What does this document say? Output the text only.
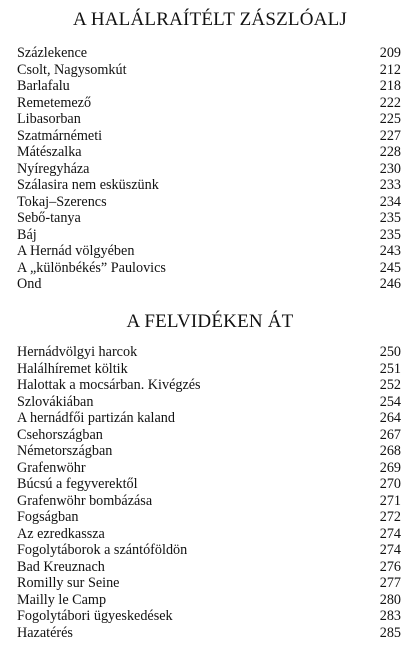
A HALÁLRAÍTÉLT ZÁSZLÓALJ
Százlekence	209
Csolt, Nagysomkút	212
Barlafalu	218
Remetemező	222
Libasorban	225
Szatmárnémeti	227
Mátészalka	228
Nyíregyháza	230
Szálasira nem esküszünk	233
Tokaj–Szerencs	234
Sebő-tanya	235
Báj	235
A Hernád völgyében	243
A „különbékés” Paulovics	245
Ond	246
A FELVIDÉKEN ÁT
Hernádvölgyi harcok	250
Halálhíremet költik	251
Halottak a mocsárban. Kivégzés	252
Szlovákiában	254
A hernádfői partizán kaland	264
Csehországban	267
Németországban	268
Grafenwöhr	269
Búcsú a fegyverektől	270
Grafenwöhr bombázása	271
Fogságban	272
Az ezredkassza	274
Fogolytáborok a szántóföldön	274
Bad Kreuznach	276
Romilly sur Seine	277
Mailly le Camp	280
Fogolytábori ügyeskedések	283
Hazatérés	285
